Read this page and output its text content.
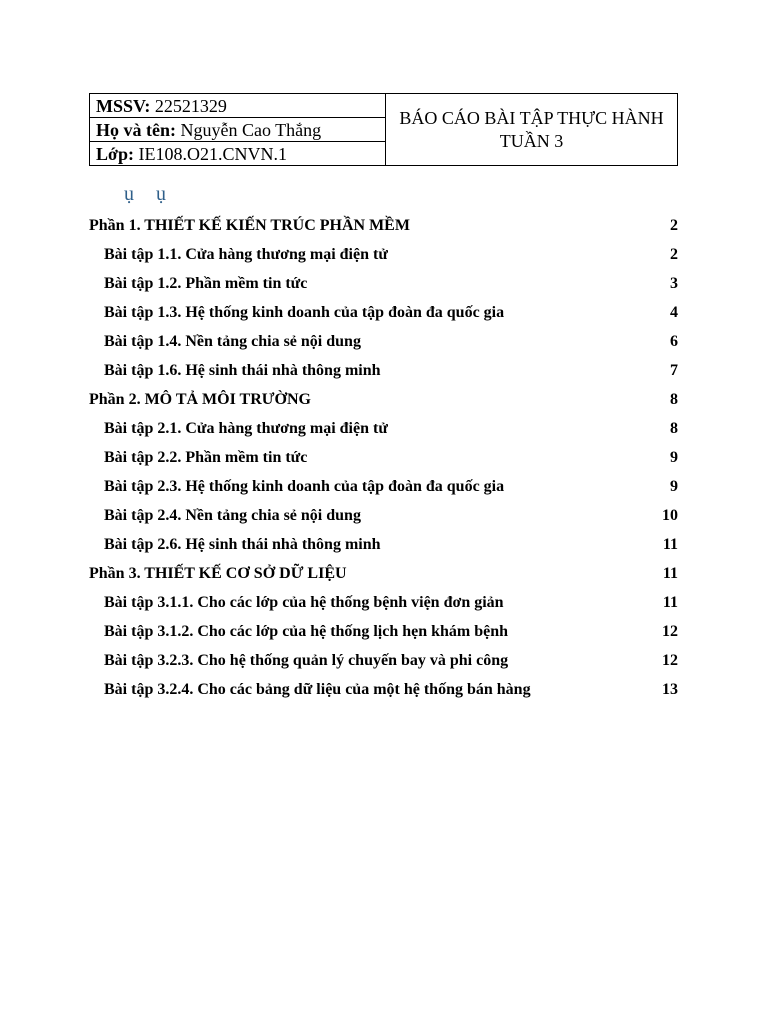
MSSV: 22521329	BÁO CÁO BÀI TẬP THỰC HÀNH TUẦN 3
Họ và tên: Nguyễn Cao Thắng
Lớp: IE108.O21.CNVN.1
ụ ụ
Phần 1. THIẾT KẾ KIẾN TRÚC PHẦN MỀM	2
Bài tập 1.1. Cửa hàng thương mại điện tử	2
Bài tập 1.2. Phần mềm tin tức	3
Bài tập 1.3. Hệ thống kinh doanh của tập đoàn đa quốc gia	4
Bài tập 1.4. Nền tảng chia sẻ nội dung	6
Bài tập 1.6. Hệ sinh thái nhà thông minh	7
Phần 2. MÔ TẢ MÔI TRƯỜNG	8
Bài tập 2.1. Cửa hàng thương mại điện tử	8
Bài tập 2.2. Phần mềm tin tức	9
Bài tập 2.3. Hệ thống kinh doanh của tập đoàn đa quốc gia	9
Bài tập 2.4. Nền tảng chia sẻ nội dung	10
Bài tập 2.6. Hệ sinh thái nhà thông minh	11
Phần 3. THIẾT KẾ CƠ SỞ DỮ LIỆU	11
Bài tập 3.1.1. Cho các lớp của hệ thống bệnh viện đơn giản	11
Bài tập 3.1.2. Cho các lớp của hệ thống lịch hẹn khám bệnh	12
Bài tập 3.2.3. Cho hệ thống quản lý chuyến bay và phi công	12
Bài tập 3.2.4. Cho các bảng dữ liệu của một hệ thống bán hàng	13
